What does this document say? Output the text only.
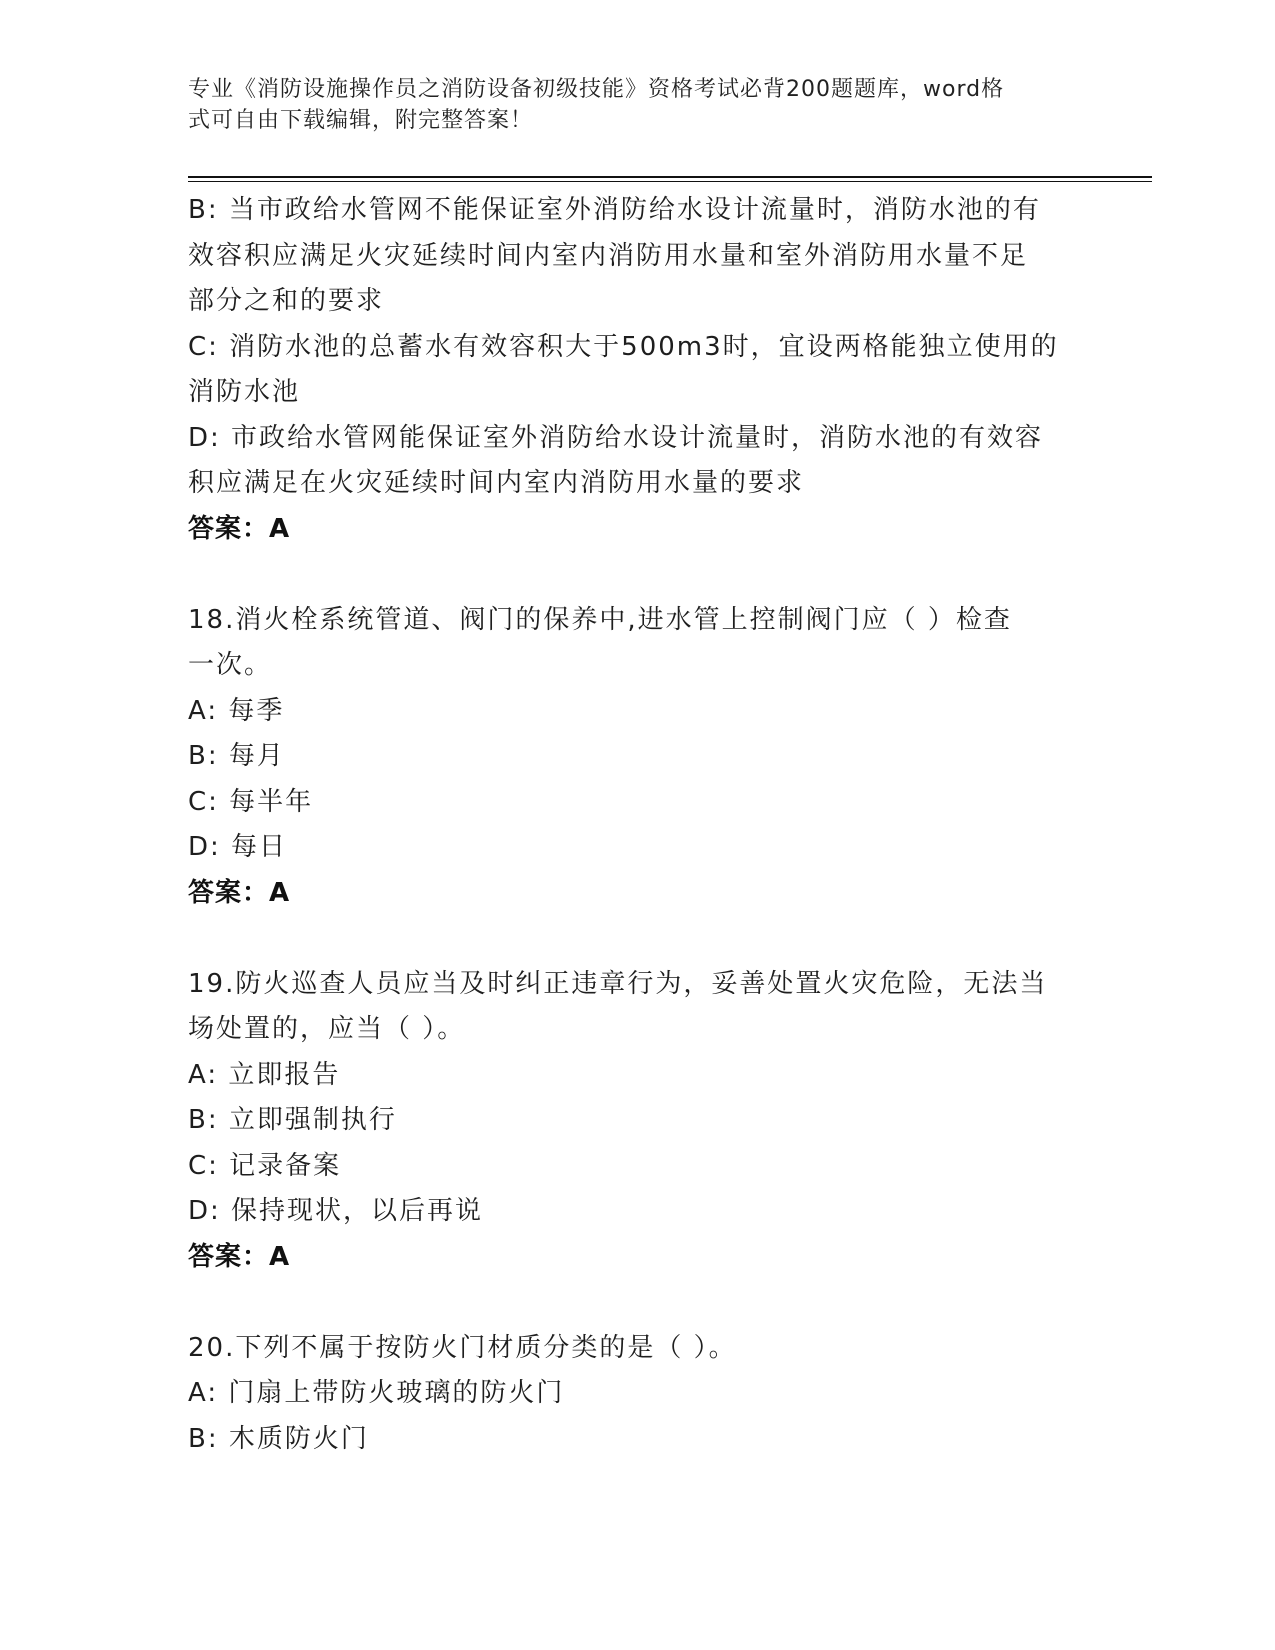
专业《消防设施操作员之消防设备初级技能》资格考试必背200题题库，word格
式可自由下载编辑，附完整答案！
B: 当市政给水管网不能保证室外消防给水设计流量时，消防水池的有
效容积应满足火灾延续时间内室内消防用水量和室外消防用水量不足
部分之和的要求
C: 消防水池的总蓄水有效容积大于500m3时，宜设两格能独立使用的
消防水池
D: 市政给水管网能保证室外消防给水设计流量时，消防水池的有效容
积应满足在火灾延续时间内室内消防用水量的要求
答案：A
18.消火栓系统管道、阀门的保养中,进水管上控制阀门应（ ）检查
一次。
A: 每季
B: 每月
C: 每半年
D: 每日
答案：A
19.防火巡查人员应当及时纠正违章行为，妥善处置火灾危险，无法当
场处置的，应当（ ）。
A: 立即报告
B: 立即强制执行
C: 记录备案
D: 保持现状，以后再说
答案：A
20.下列不属于按防火门材质分类的是（ ）。
A: 门扇上带防火玻璃的防火门
B: 木质防火门
